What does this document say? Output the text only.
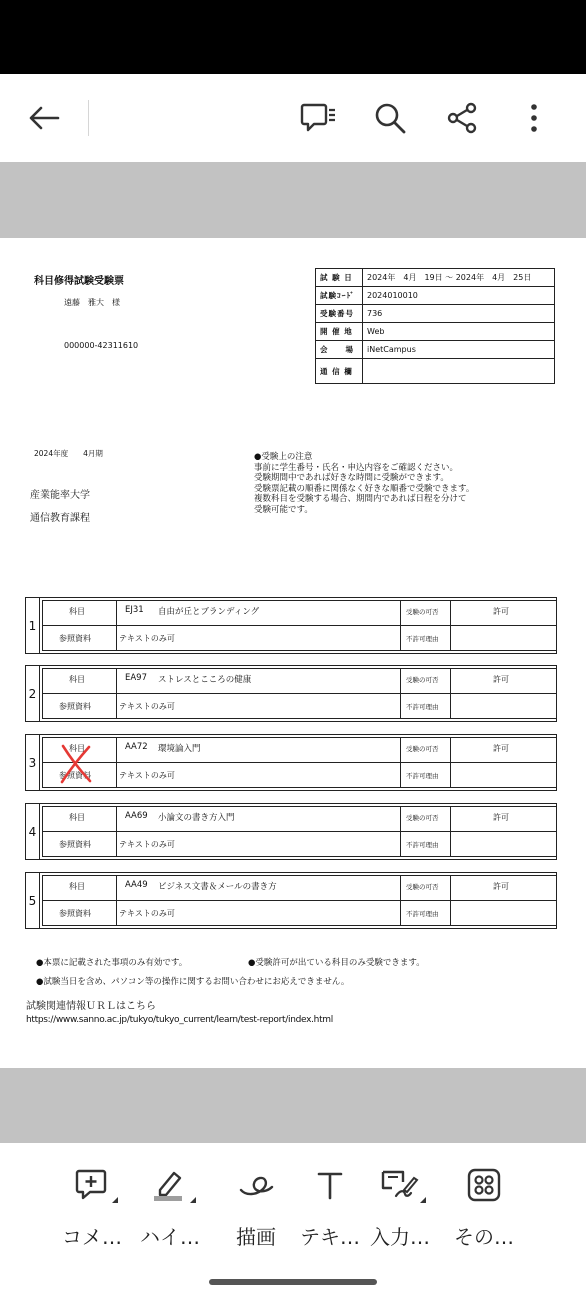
科目修得試験受験票
遠藤　雅大　様
000000-42311610
試 験 日	2024年　4月　19日 ～ 2024年　4月　25日
試験ｺｰﾄﾞ	2024010010
受験番号	736
開 催 地	Web
会　　場	iNetCampus
通 信 欄	
2024年度　　4月期
産業能率大学
通信教育課程
●受験上の注意
事前に学生番号・氏名・申込内容をご確認ください。
受験期間中であれば好きな時間に受験ができます。
受験票記載の順番に関係なく好きな順番で受験できます。
複数科目を受験する場合、期間内であれば日程を分けて
受験可能です。
1
科目	EJ31 自由が丘とブランディング	受験の可否	許可
参照資料	テキストのみ可	不許可理由
2
科目	EA97 ストレスとこころの健康	受験の可否	許可
参照資料	テキストのみ可	不許可理由
3
科目	AA72 環境論入門	受験の可否	許可
参照資料	テキストのみ可	不許可理由
4
科目	AA69 小論文の書き方入門	受験の可否	許可
参照資料	テキストのみ可	不許可理由
5
科目	AA49 ビジネス文書＆メールの書き方	受験の可否	許可
参照資料	テキストのみ可	不許可理由
●本票に記載された事項のみ有効です。	●受験許可が出ている科目のみ受験できます。
●試験当日を含め、パソコン等の操作に関するお問い合わせにお応えできません。
試験関連情報ＵＲＬはこちら
https://www.sanno.ac.jp/tukyo/tukyo_current/learn/test-report/index.html
コメ… ハイ…	描画	テキ… 入力…	その…
